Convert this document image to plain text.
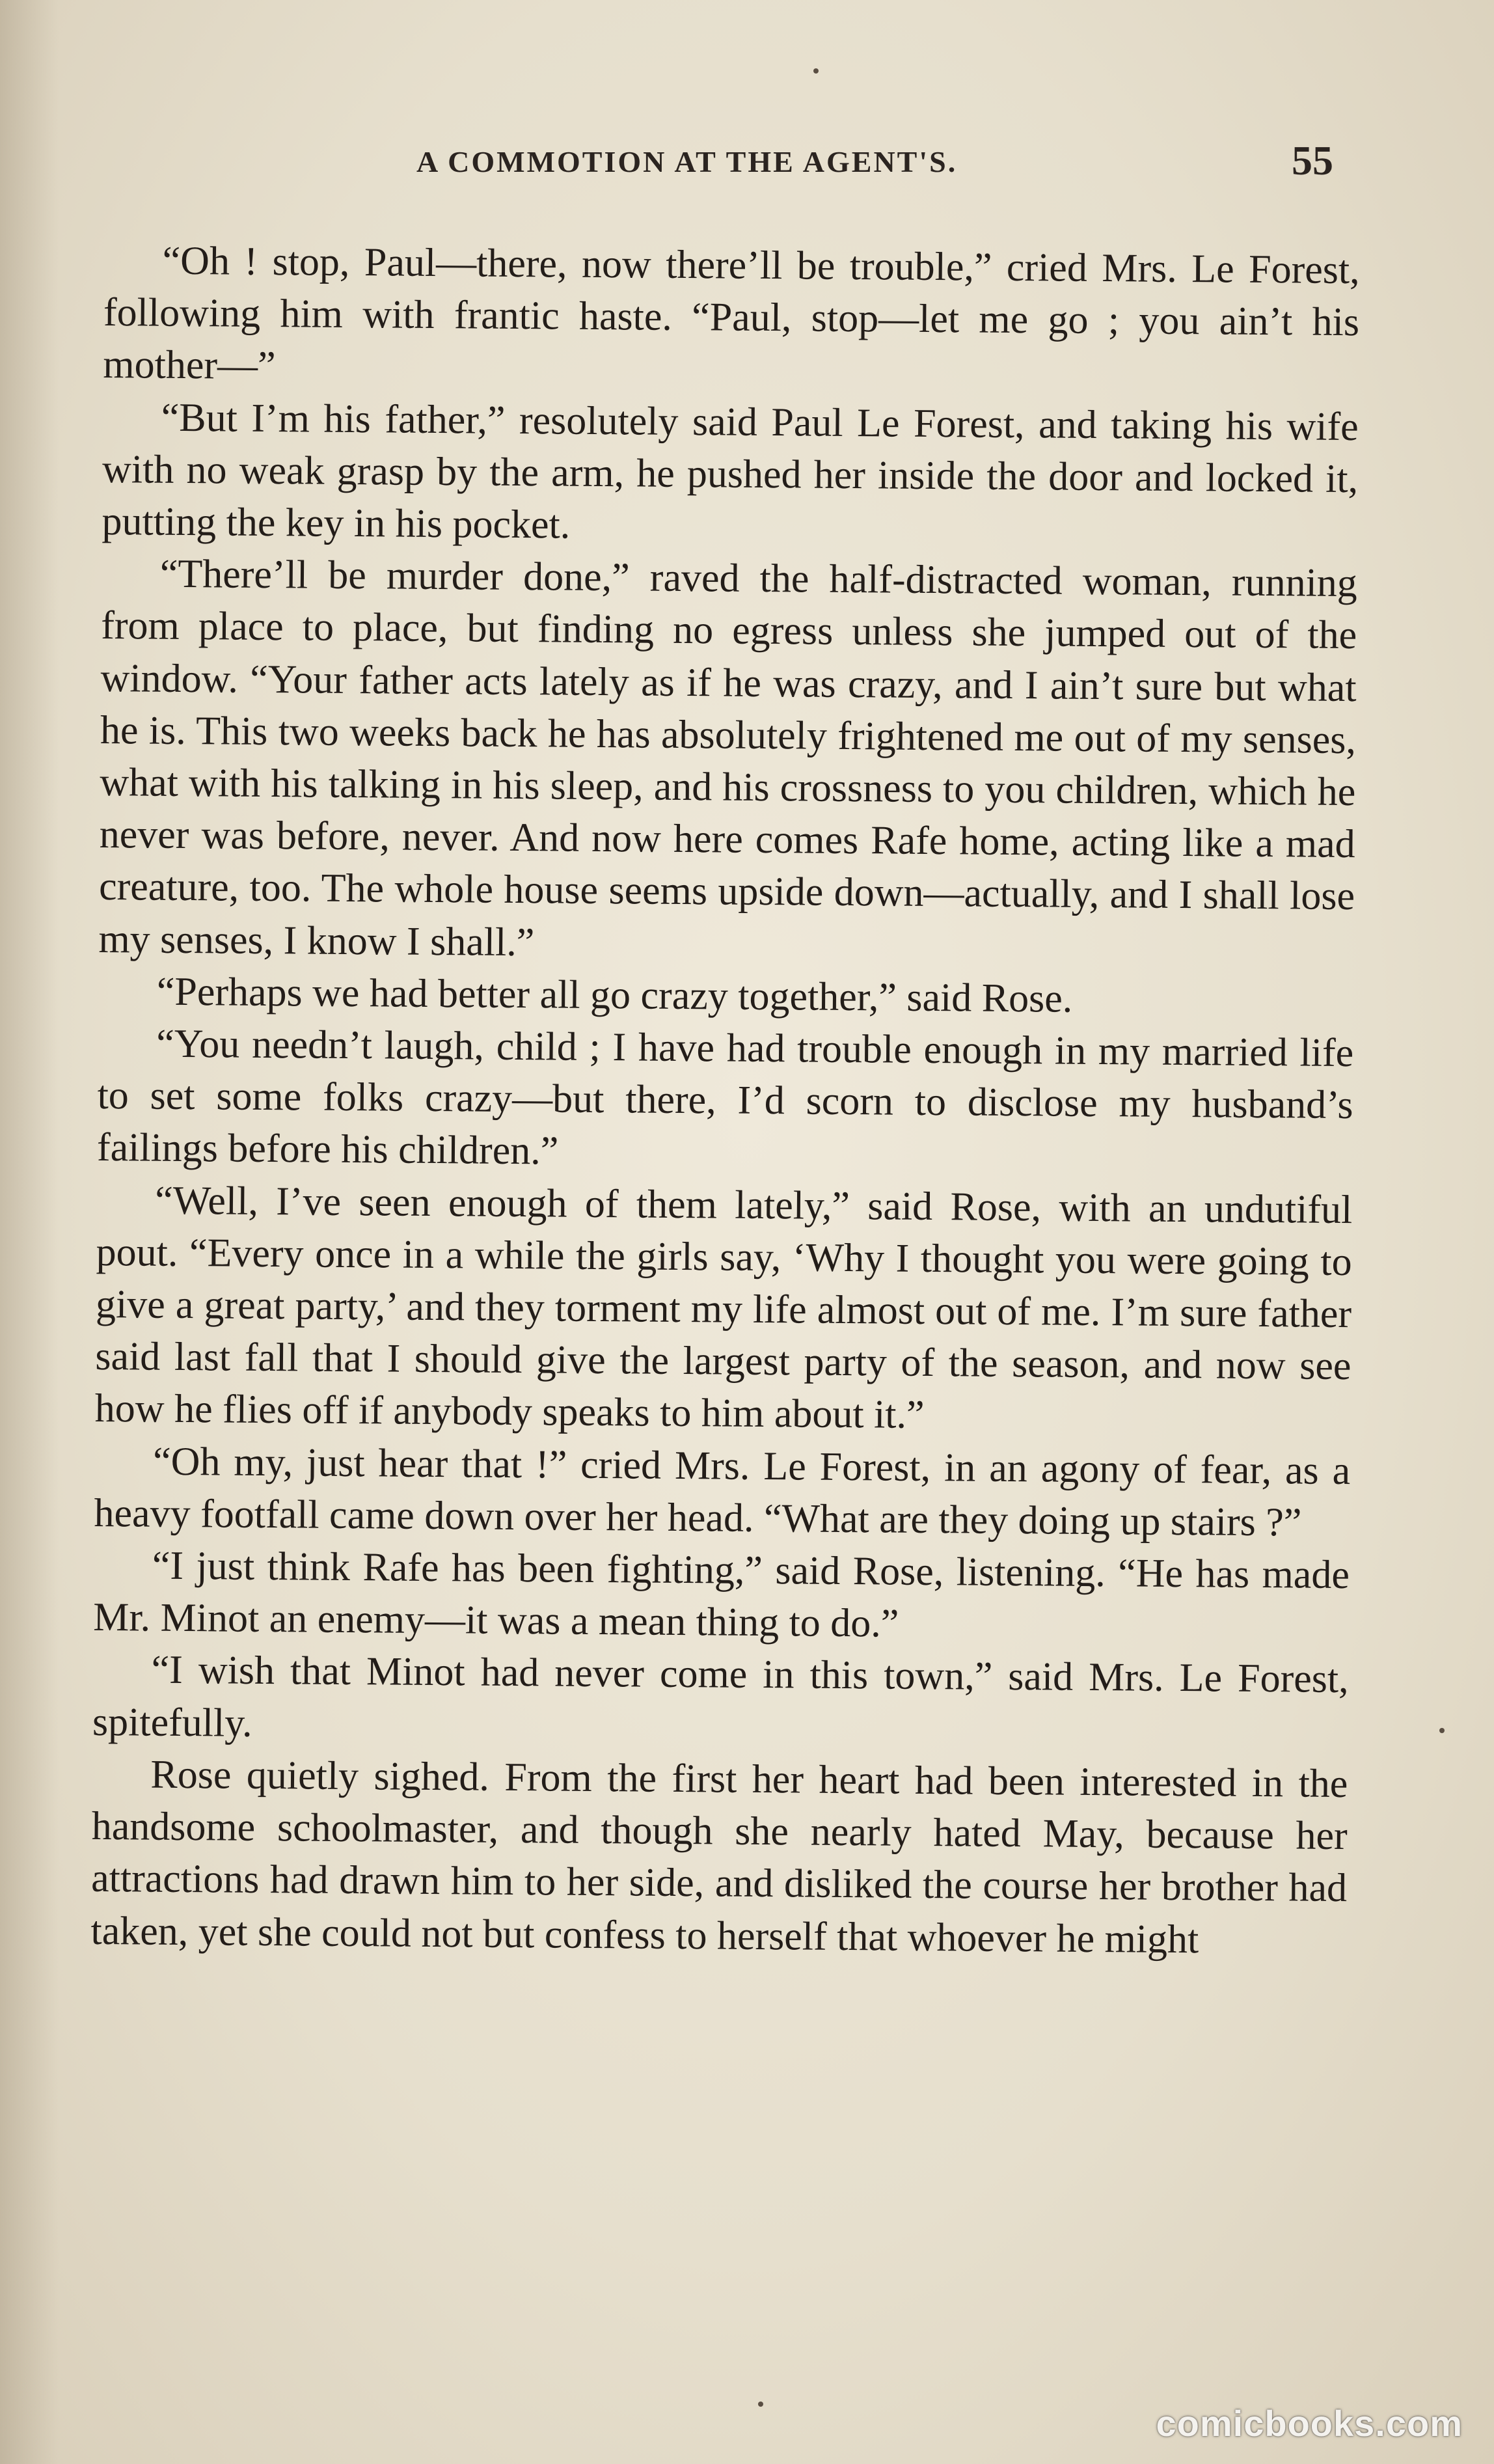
A COMMOTION AT THE AGENT'S.	55

“Oh ! stop, Paul—there, now there’ll be trouble,” cried Mrs. Le Forest, following him with frantic haste. “Paul, stop—let me go ; you ain’t his mother—”

“But I’m his father,” resolutely said Paul Le Forest, and taking his wife with no weak grasp by the arm, he pushed her inside the door and locked it, putting the key in his pocket.

“There’ll be murder done,” raved the half-distracted woman, running from place to place, but finding no egress unless she jumped out of the window. “Your father acts lately as if he was crazy, and I ain’t sure but what he is. This two weeks back he has absolutely frightened me out of my senses, what with his talking in his sleep, and his crossness to you children, which he never was before, never. And now here comes Rafe home, acting like a mad creature, too. The whole house seems upside down—actually, and I shall lose my senses, I know I shall.”

“Perhaps we had better all go crazy together,” said Rose.

“You needn’t laugh, child ; I have had trouble enough in my married life to set some folks crazy—but there, I’d scorn to disclose my husband’s failings before his children.”

“Well, I’ve seen enough of them lately,” said Rose, with an undutiful pout. “Every once in a while the girls say, ‘Why I thought you were going to give a great party,’ and they torment my life almost out of me. I’m sure father said last fall that I should give the largest party of the season, and now see how he flies off if anybody speaks to him about it.”

“Oh my, just hear that !” cried Mrs. Le Forest, in an agony of fear, as a heavy footfall came down over her head. “What are they doing up stairs ?”

“I just think Rafe has been fighting,” said Rose, listening. “He has made Mr. Minot an enemy—it was a mean thing to do.”

“I wish that Minot had never come in this town,” said Mrs. Le Forest, spitefully.

Rose quietly sighed. From the first her heart had been interested in the handsome schoolmaster, and though she nearly hated May, because her attractions had drawn him to her side, and disliked the course her brother had taken, yet she could not but confess to herself that whoever he might

comicbooks.com
